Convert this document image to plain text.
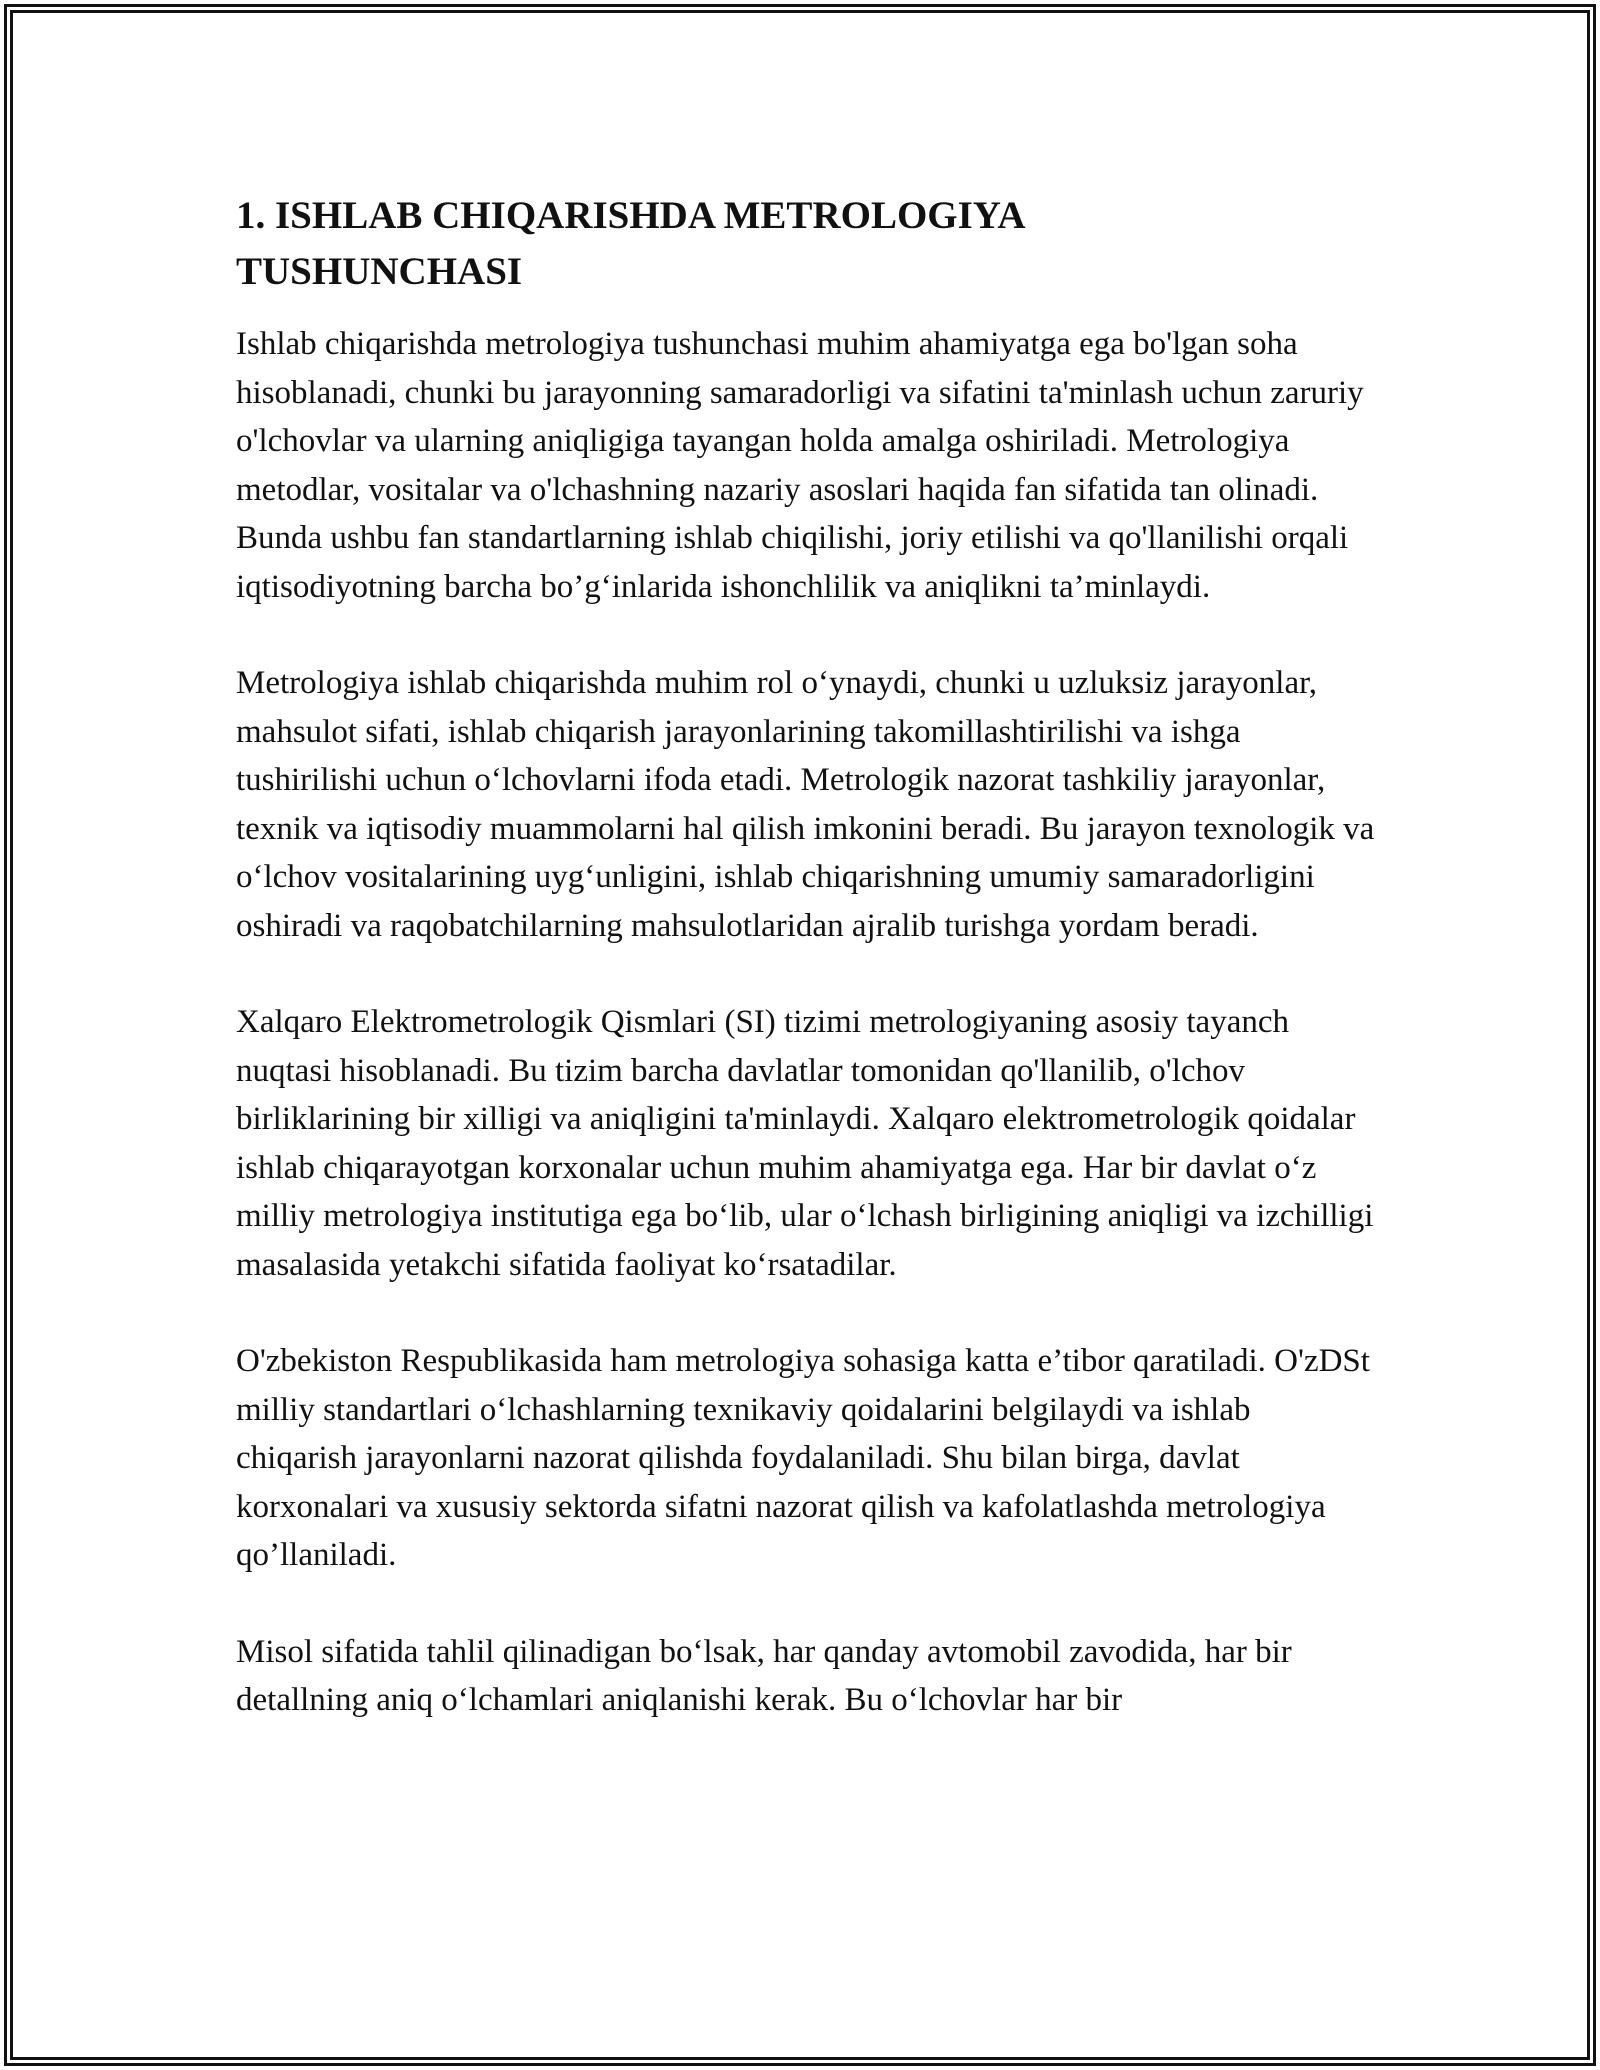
1. ISHLAB CHIQARISHDA METROLOGIYA TUSHUNCHASI

Ishlab chiqarishda metrologiya tushunchasi muhim ahamiyatga ega bo'lgan soha hisoblanadi, chunki bu jarayonning samaradorligi va sifatini ta'minlash uchun zaruriy o'lchovlar va ularning aniqligiga tayangan holda amalga oshiriladi. Metrologiya metodlar, vositalar va o'lchashning nazariy asoslari haqida fan sifatida tan olinadi. Bunda ushbu fan standartlarning ishlab chiqilishi, joriy etilishi va qo'llanilishi orqali iqtisodiyotning barcha bo’g‘inlarida ishonchlilik va aniqlikni ta’minlaydi.

Metrologiya ishlab chiqarishda muhim rol o‘ynaydi, chunki u uzluksiz jarayonlar, mahsulot sifati, ishlab chiqarish jarayonlarining takomillashtirilishi va ishga tushirilishi uchun o‘lchovlarni ifoda etadi. Metrologik nazorat tashkiliy jarayonlar, texnik va iqtisodiy muammolarni hal qilish imkonini beradi. Bu jarayon texnologik va o‘lchov vositalarining uyg‘unligini, ishlab chiqarishning umumiy samaradorligini oshiradi va raqobatchilarning mahsulotlaridan ajralib turishga yordam beradi.

Xalqaro Elektrometrologik Qismlari (SI) tizimi metrologiyaning asosiy tayanch nuqtasi hisoblanadi. Bu tizim barcha davlatlar tomonidan qo'llanilib, o'lchov birliklarining bir xilligi va aniqligini ta'minlaydi. Xalqaro elektrometrologik qoidalar ishlab chiqarayotgan korxonalar uchun muhim ahamiyatga ega. Har bir davlat o‘z milliy metrologiya institutiga ega bo‘lib, ular o‘lchash birligining aniqligi va izchilligi masalasida yetakchi sifatida faoliyat ko‘rsatadilar.

O'zbekiston Respublikasida ham metrologiya sohasiga katta e’tibor qaratiladi. O'zDSt milliy standartlari o‘lchashlarning texnikaviy qoidalarini belgilaydi va ishlab chiqarish jarayonlarni nazorat qilishda foydalaniladi. Shu bilan birga, davlat korxonalari va xususiy sektorda sifatni nazorat qilish va kafolatlashda metrologiya qo’llaniladi.

Misol sifatida tahlil qilinadigan bo‘lsak, har qanday avtomobil zavodida, har bir detallning aniq o‘lchamlari aniqlanishi kerak. Bu o‘lchovlar har bir
